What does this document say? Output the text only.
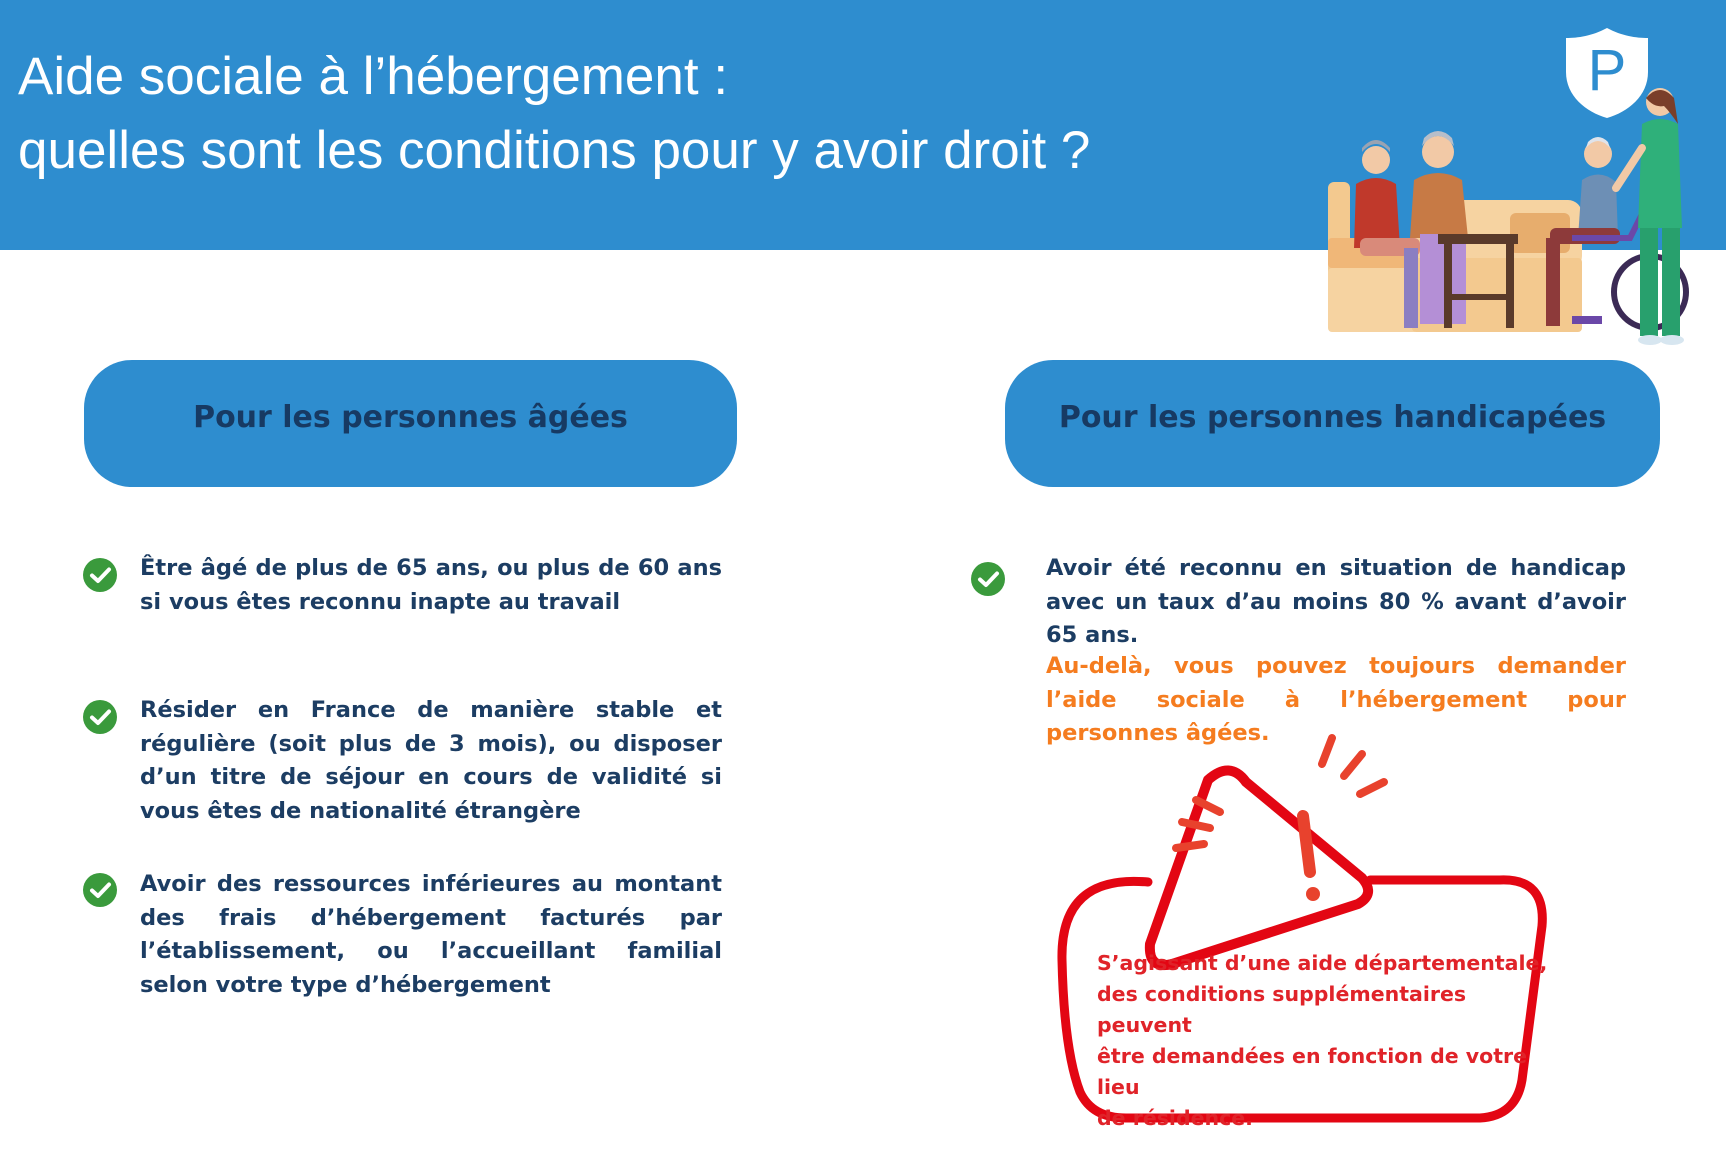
Aide sociale à l’hébergement :
quelles sont les conditions pour y avoir droit ?
P
Pour les personnes âgées
Être âgé de plus de 65 ans, ou plus de 60 ans si vous êtes reconnu inapte au travail
Résider en France de manière stable et régulière (soit plus de 3 mois), ou disposer d’un titre de séjour en cours de validité si vous êtes de nationalité étrangère
Avoir des ressources inférieures au montant des frais d’hébergement facturés par l’établissement, ou l’accueillant familial selon votre type d’hébergement
Pour les personnes handicapées
Avoir été reconnu en situation de handicap avec un taux d’au moins 80 % avant d’avoir 65 ans.
Au-delà, vous pouvez toujours demander l’aide sociale à l’hébergement pour personnes âgées.
S’agissant d’une aide départementale,
des conditions supplémentaires peuvent
être demandées en fonction de votre lieu
de résidence.
